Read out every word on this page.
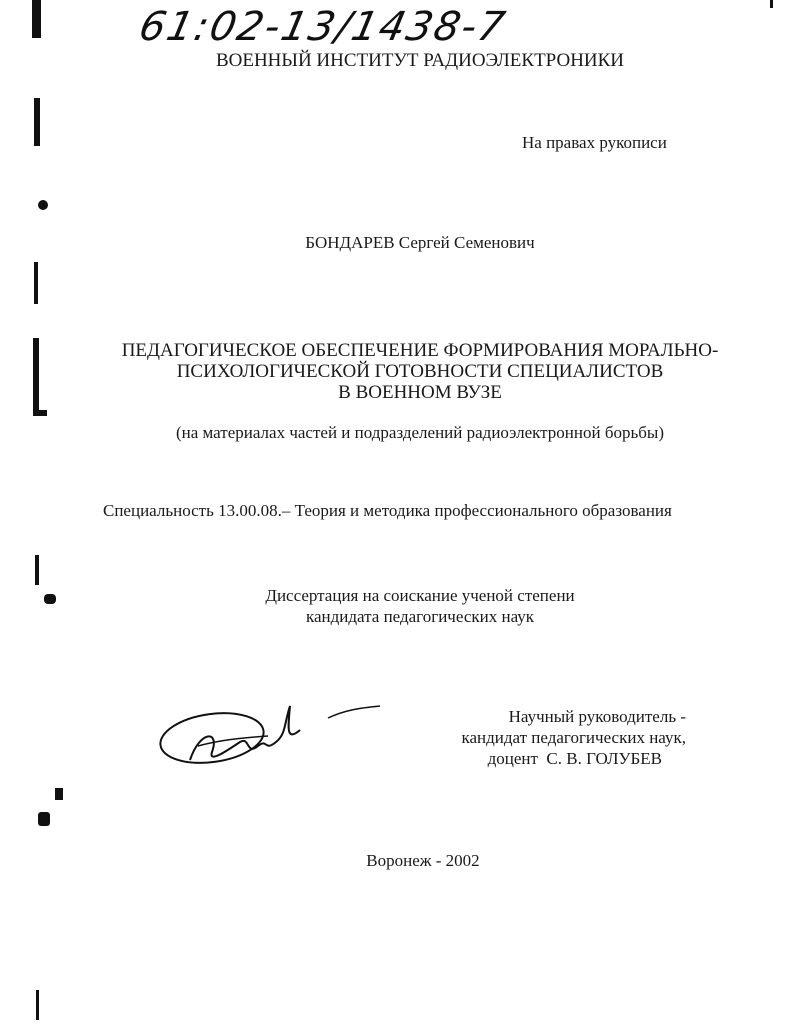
61:02-13/1438-7

ВОЕННЫЙ ИНСТИТУТ РАДИОЭЛЕКТРОНИКИ

На правах рукописи

БОНДАРЕВ Сергей Семенович

ПЕДАГОГИЧЕСКОЕ ОБЕСПЕЧЕНИЕ ФОРМИРОВАНИЯ МОРАЛЬНО-
ПСИХОЛОГИЧЕСКОЙ ГОТОВНОСТИ СПЕЦИАЛИСТОВ
В ВОЕННОМ ВУЗЕ

(на материалах частей и подразделений радиоэлектронной борьбы)

Специальность 13.00.08.– Теория и методика профессионального образования

Диссертация на соискание ученой степени
кандидата педагогических наук
Научный руководитель -
кандидат педагогических наук,
доцент  С. В. ГОЛУБЕВ

Воронеж - 2002
